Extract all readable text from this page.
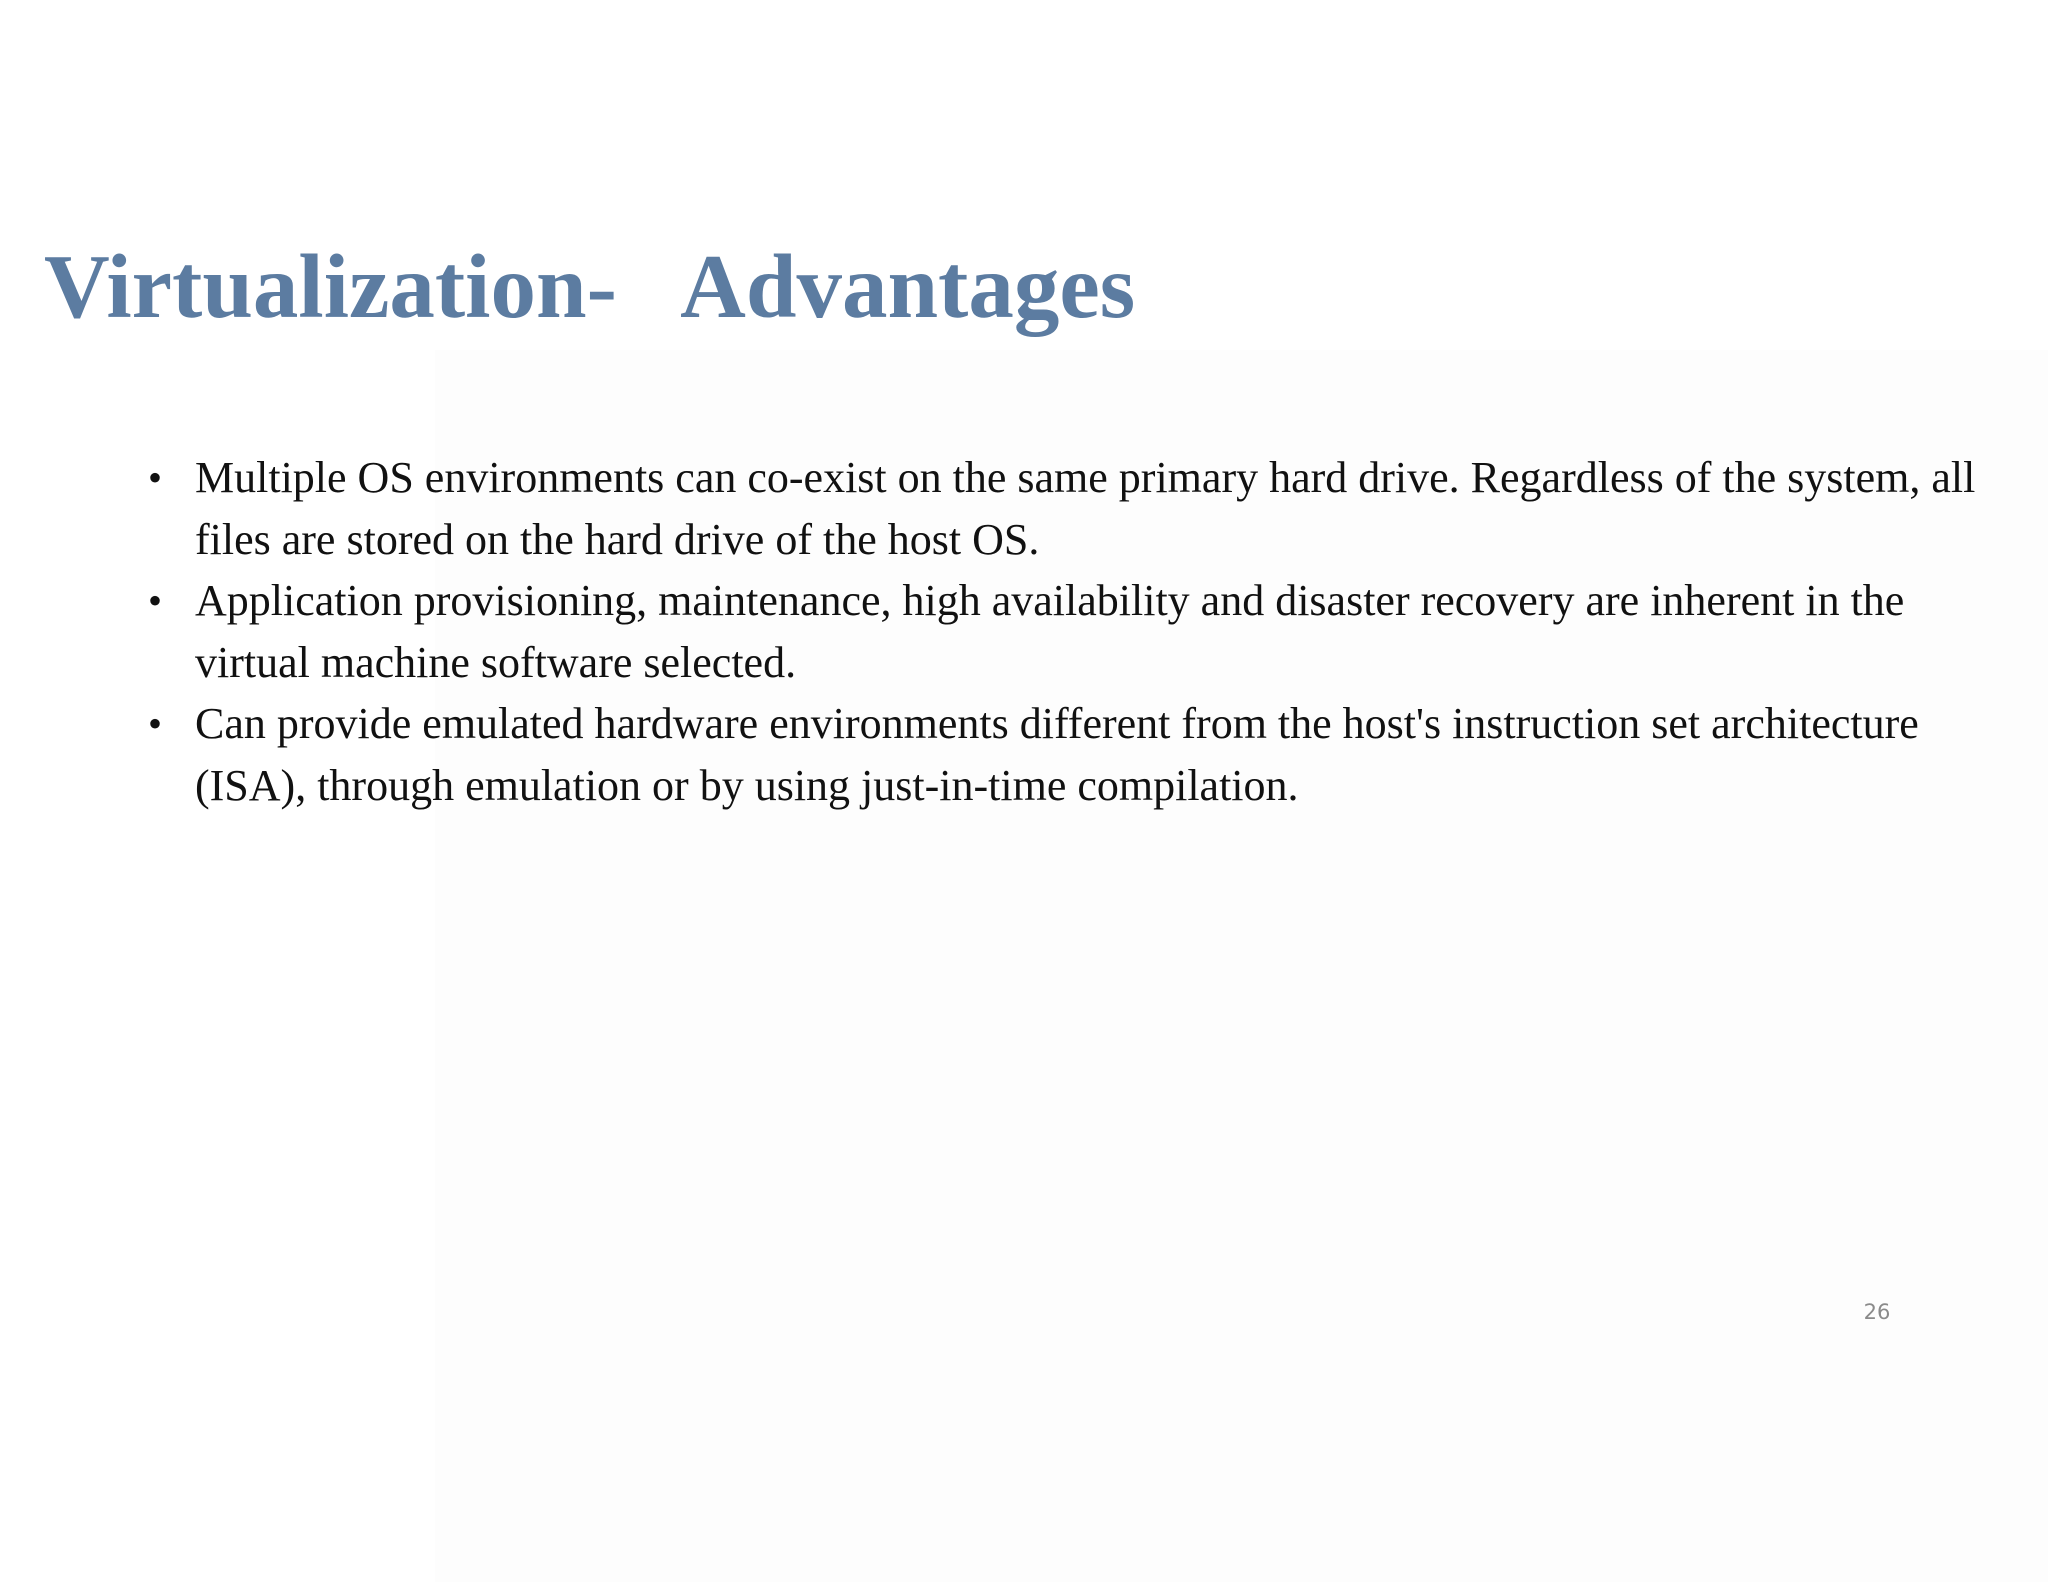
Virtualization-   Advantages
• Multiple OS environments can co-exist on the same primary hard drive. Regardless of the system, all files are stored on the hard drive of the host OS.
• Application provisioning, maintenance, high availability and disaster recovery are inherent in the virtual machine software selected.
• Can provide emulated hardware environments different from the host's instruction set architecture (ISA), through emulation or by using just-in-time compilation.
26
